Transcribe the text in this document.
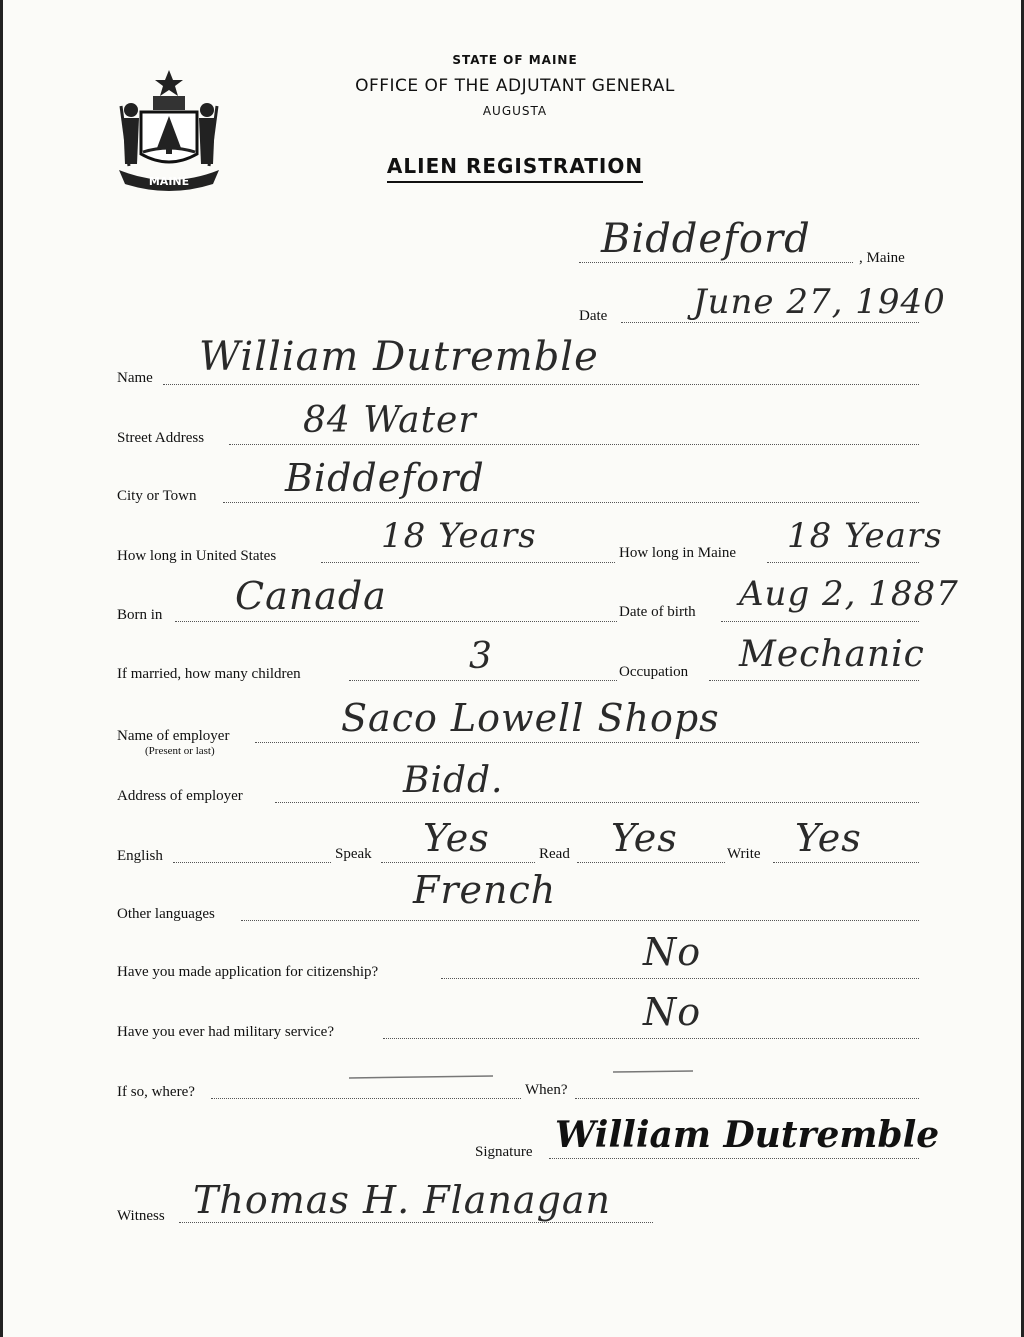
MAINE
STATE OF MAINE
OFFICE OF THE ADJUTANT GENERAL
AUGUSTA
ALIEN REGISTRATION
Biddeford	, Maine
Date	June 27, 1940
Name William Dutremble
Street Address	84 Water
City or Town Biddeford
How long in United States	18 Years	How long in Maine 18 Years
Born in Canada	Date of birth Aug 2, 1887
If married, how many children	3	Occupation Mechanic
Name of employer
(Present or last)
Saco Lowell Shops
Address of employer	Bidd.
English	Speak Yes	Read Yes	Write Yes
Other languages
French
Have you made application for citizenship?	No
Have you ever had military service?	No
If so, where?	When?
Signature William Dutremble
Witness Thomas H. Flanagan
